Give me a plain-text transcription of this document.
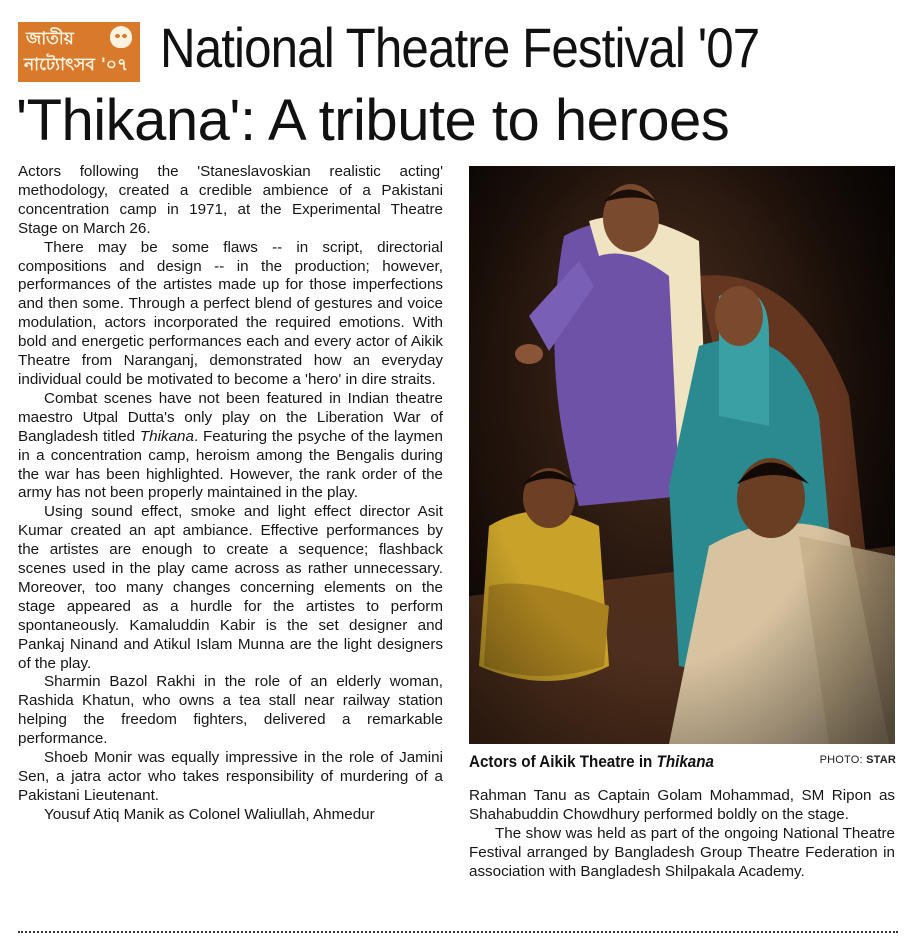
জাতীয়
নাট্যোৎসব '০৭ National Theatre Festival '07
'Thikana': A tribute to heroes

Actors following the 'Staneslavoskian realistic acting' methodology, created a credible ambience of a Pakistani concentration camp in 1971, at the Experimental Theatre Stage on March 26.

There may be some flaws -- in script, directorial compositions and design -- in the production; however, performances of the artistes made up for those imperfections and then some. Through a perfect blend of gestures and voice modulation, actors incorporated the required emotions. With bold and energetic performances each and every actor of Aikik Theatre from Naranganj, demonstrated how an everyday individual could be motivated to become a 'hero' in dire straits.

Combat scenes have not been featured in Indian theatre maestro Utpal Dutta's only play on the Liberation War of Bangladesh titled Thikana. Featuring the psyche of the laymen in a concentration camp, heroism among the Bengalis during the war has been highlighted. However, the rank order of the army has not been properly maintained in the play.

Using sound effect, smoke and light effect director Asit Kumar created an apt ambiance. Effective performances by the artistes are enough to create a sequence; flashback scenes used in the play came across as rather unnecessary. Moreover, too many changes concerning elements on the stage appeared as a hurdle for the artistes to perform spontaneously. Kamaluddin Kabir is the set designer and Pankaj Ninand and Atikul Islam Munna are the light designers of the play.

Sharmin Bazol Rakhi in the role of an elderly woman, Rashida Khatun, who owns a tea stall near railway station helping the freedom fighters, delivered a remarkable performance.

Shoeb Monir was equally impressive in the role of Jamini Sen, a jatra actor who takes responsibility of murdering of a Pakistani Lieutenant.

Yousuf Atiq Manik as Colonel Waliullah, Ahmedur

Actors of Aikik Theatre in Thikana	PHOTO: STAR

Rahman Tanu as Captain Golam Mohammad, SM Ripon as Shahabuddin Chowdhury performed boldly on the stage.

The show was held as part of the ongoing National Theatre Festival arranged by Bangladesh Group Theatre Federation in association with Bangladesh Shilpakala Academy.
